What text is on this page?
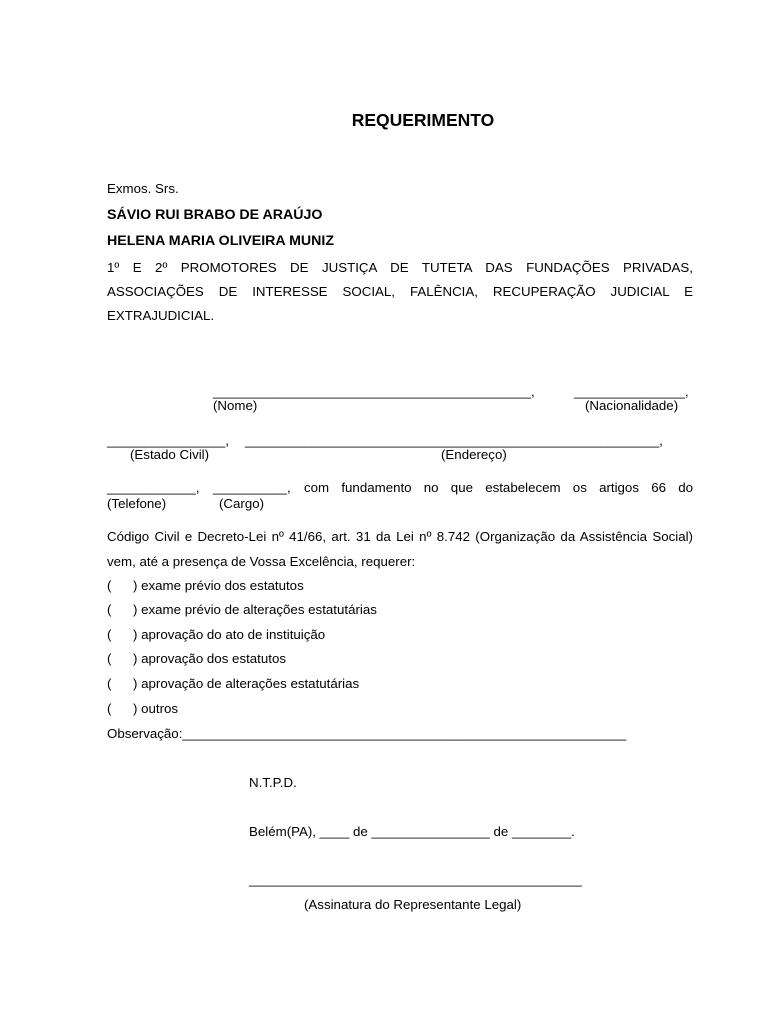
REQUERIMENTO
Exmos. Srs.
SÁVIO RUI BRABO DE ARAÚJO
HELENA MARIA OLIVEIRA MUNIZ
1º E 2º PROMOTORES DE JUSTIÇA DE TUTETA DAS FUNDAÇÕES PRIVADAS,
ASSOCIAÇÕES DE INTERESSE SOCIAL, FALÊNCIA, RECUPERAÇÃO JUDICIAL E
EXTRAJUDICIAL.
___________________________________________,	_______________,
(Nome)	(Nacionalidade)
________________, ________________________________________________________,
(Estado Civil)	(Endereço)
____________, __________, com fundamento no que estabelecem os artigos 66 do
(Telefone)	(Cargo)
Código Civil e Decreto-Lei nº 41/66, art. 31 da Lei nº 8.742 (Organização da Assistência Social)
vem, até a presença de Vossa Excelência, requerer:
( ) exame prévio dos estatutos
( ) exame prévio de alterações estatutárias
( ) aprovação do ato de instituição
( ) aprovação dos estatutos
( ) aprovação de alterações estatutárias
( ) outros
Observação:____________________________________________________________
N.T.P.D.
Belém(PA), ____ de ________________ de ________.
_____________________________________________
(Assinatura do Representante Legal)
